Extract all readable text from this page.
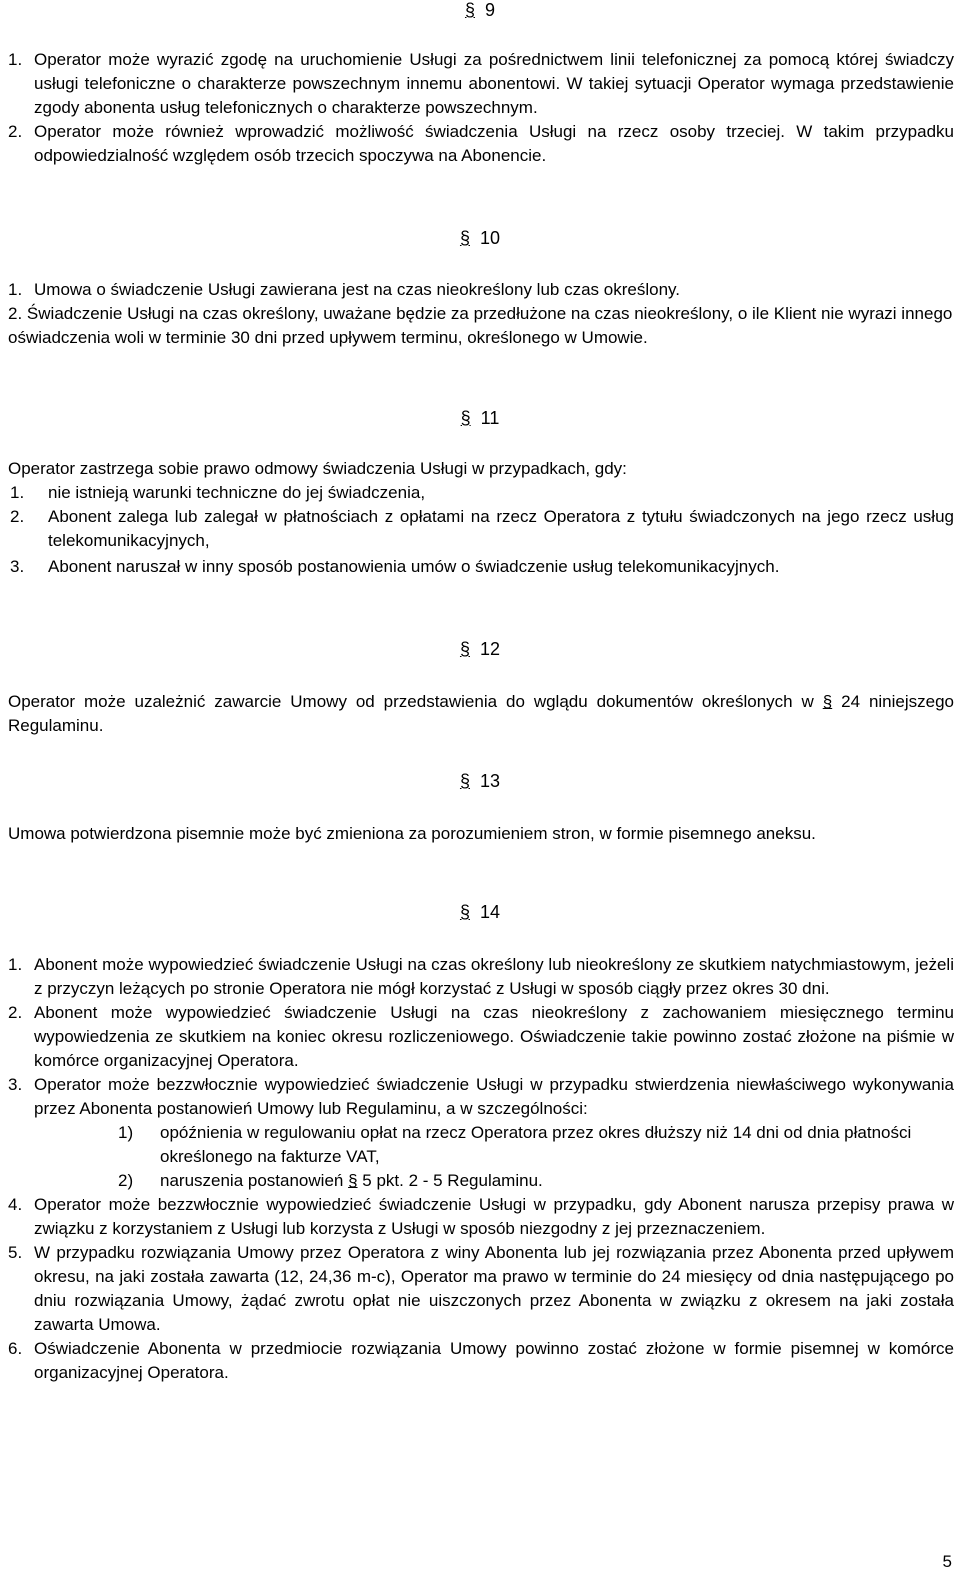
§ 9
1. Operator może wyrazić zgodę na uruchomienie Usługi za pośrednictwem linii telefonicznej za pomocą której świadczy usługi telefoniczne o charakterze powszechnym innemu abonentowi. W takiej sytuacji Operator wymaga przedstawienie zgody abonenta usług telefonicznych o charakterze powszechnym.
2. Operator może również wprowadzić możliwość świadczenia Usługi na rzecz osoby trzeciej. W takim przypadku odpowiedzialność względem osób trzecich spoczywa na Abonencie.
§ 10
1. Umowa o świadczenie Usługi zawierana jest na czas nieokreślony lub czas określony.
2. Świadczenie Usługi na czas określony, uważane będzie za przedłużone na czas nieokreślony, o ile Klient nie wyrazi innego oświadczenia woli w terminie 30 dni przed upływem terminu, określonego w Umowie.
§ 11

Operator zastrzega sobie prawo odmowy świadczenia Usługi w przypadkach, gdy:

1.	nie istnieją warunki techniczne do jej świadczenia,
2.	Abonent zalega lub zalegał w płatnościach z opłatami na rzecz Operatora z tytułu świadczonych na jego rzecz usług telekomunikacyjnych,
3.	Abonent naruszał w inny sposób postanowienia umów o świadczenie usług telekomunikacyjnych.
§ 12

Operator może uzależnić zawarcie Umowy od przedstawienia do wglądu dokumentów określonych w § 24 niniejszego Regulaminu.

§ 13

Umowa potwierdzona pisemnie może być zmieniona za porozumieniem stron, w formie pisemnego aneksu.

§ 14
1. Abonent może wypowiedzieć świadczenie Usługi na czas określony lub nieokreślony ze skutkiem natychmiastowym, jeżeli z przyczyn leżących po stronie Operatora nie mógł korzystać z Usługi w sposób ciągły przez okres 30 dni.
2. Abonent może wypowiedzieć świadczenie Usługi na czas nieokreślony z zachowaniem miesięcznego terminu wypowiedzenia ze skutkiem na koniec okresu rozliczeniowego. Oświadczenie takie powinno zostać złożone na piśmie w komórce organizacyjnej Operatora.
3. Operator może bezzwłocznie wypowiedzieć świadczenie Usługi w przypadku stwierdzenia niewłaściwego wykonywania przez Abonenta postanowień Umowy lub Regulaminu, a w szczególności:
1)	opóźnienia w regulowaniu opłat na rzecz Operatora przez okres dłuższy niż 14 dni od dnia płatności określonego na fakturze VAT,
2)	naruszenia postanowień § 5 pkt. 2 - 5 Regulaminu.
4. Operator może bezzwłocznie wypowiedzieć świadczenie Usługi w przypadku, gdy Abonent narusza przepisy prawa w związku z korzystaniem z Usługi lub korzysta z Usługi w sposób niezgodny z jej przeznaczeniem.
5. W przypadku rozwiązania Umowy przez Operatora z winy Abonenta lub jej rozwiązania przez Abonenta przed upływem okresu, na jaki została zawarta (12, 24,36 m-c), Operator ma prawo w terminie do 24 miesięcy od dnia następującego po dniu rozwiązania Umowy, żądać zwrotu opłat nie uiszczonych przez Abonenta w związku z okresem na jaki została zawarta Umowa.
6. Oświadczenie Abonenta w przedmiocie rozwiązania Umowy powinno zostać złożone w formie pisemnej w komórce organizacyjnej Operatora.
5
